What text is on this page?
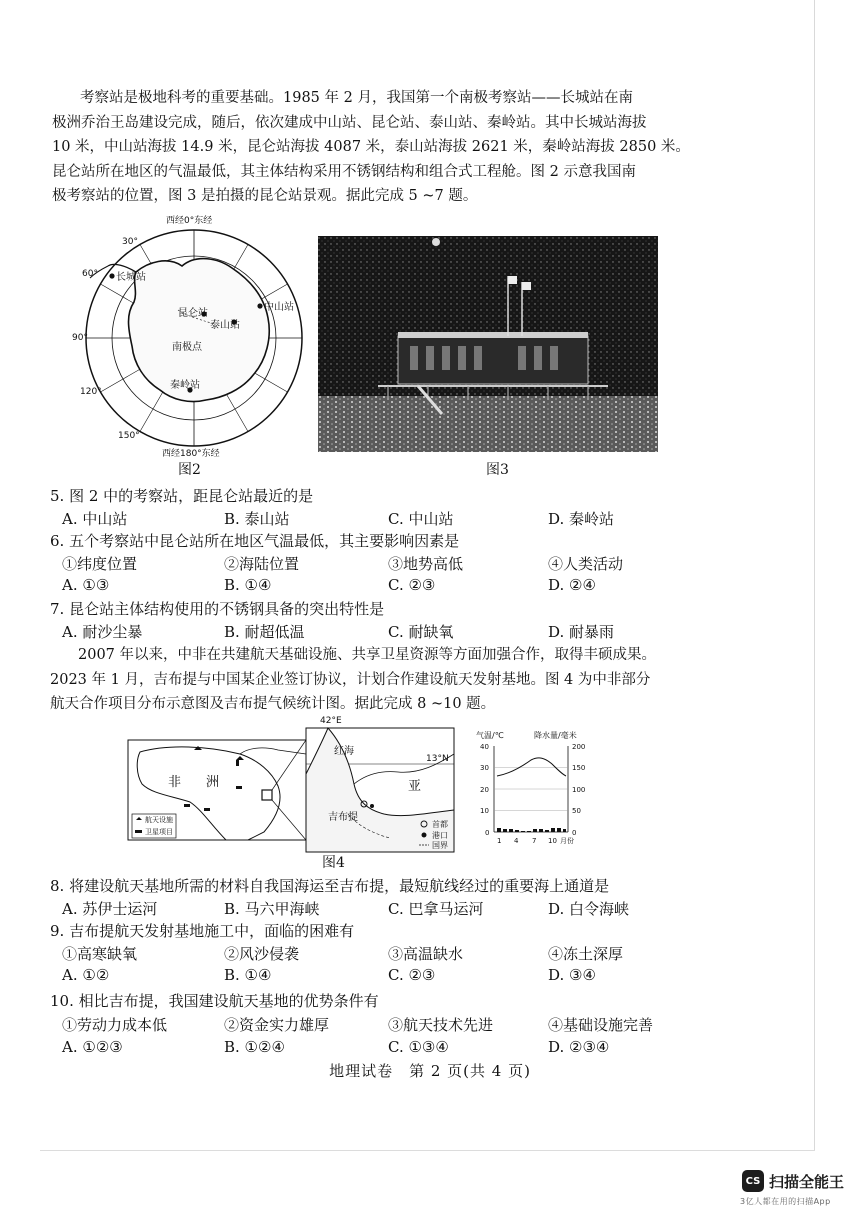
考察站是极地科考的重要基础。1985 年 2 月，我国第一个南极考察站——长城站在南
极洲乔治王岛建设完成，随后，依次建成中山站、昆仑站、泰山站、秦岭站。其中长城站海拔
10 米，中山站海拔 14.9 米，昆仑站海拔 4087 米，泰山站海拔 2621 米，秦岭站海拔 2850 米。
昆仑站所在地区的气温最低，其主体结构采用不锈钢结构和组合式工程舱。图 2 示意我国南
极考察站的位置，图 3 是拍摄的昆仑站景观。据此完成 5 ~7 题。
西经0°东经
西经180°东经
30°
60°
90°
120°
150°
长城站
昆仑站
中山站
泰山站
南极点
秦岭站
图2	图3
5. 图 2 中的考察站，距昆仑站最近的是
A. 中山站	B. 泰山站	C. 中山站	D. 秦岭站
6. 五个考察站中昆仑站所在地区气温最低，其主要影响因素是
①纬度位置	②海陆位置	③地势高低	④人类活动
A. ①③	B. ①④	C. ②③	D. ②④
7. 昆仑站主体结构使用的不锈钢具备的突出特性是
A. 耐沙尘暴	B. 耐超低温	C. 耐缺氧	D. 耐暴雨
2007 年以来，中非在共建航天基础设施、共享卫星资源等方面加强合作，取得丰硕成果。
2023 年 1 月，吉布提与中国某企业签订协议，计划合作建设航天发射基地。图 4 为中非部分
航天合作项目分布示意图及吉布提气候统计图。据此完成 8 ~10 题。
非 洲
航天设施
卫星项目
42°E
13°N
红海
亚
吉布提
首都
港口
国界
气温/℃	降水量/毫米
40
30
20
10
0
200
150
100
50
0
1 4 7 10 月份
图4
8. 将建设航天基地所需的材料自我国海运至吉布提，最短航线经过的重要海上通道是
A. 苏伊士运河	B. 马六甲海峡	C. 巴拿马运河	D. 白令海峡
9. 吉布提航天发射基地施工中，面临的困难有
①高寒缺氧	②风沙侵袭	③高温缺水	④冻土深厚
A. ①②	B. ①④	C. ②③	D. ③④
10. 相比吉布提，我国建设航天基地的优势条件有
①劳动力成本低	②资金实力雄厚	③航天技术先进	④基础设施完善
A. ①②③	B. ①②④	C. ①③④	D. ②③④
地理试卷　第 2 页(共 4 页)
CS 扫描全能王
3亿人都在用的扫描App
